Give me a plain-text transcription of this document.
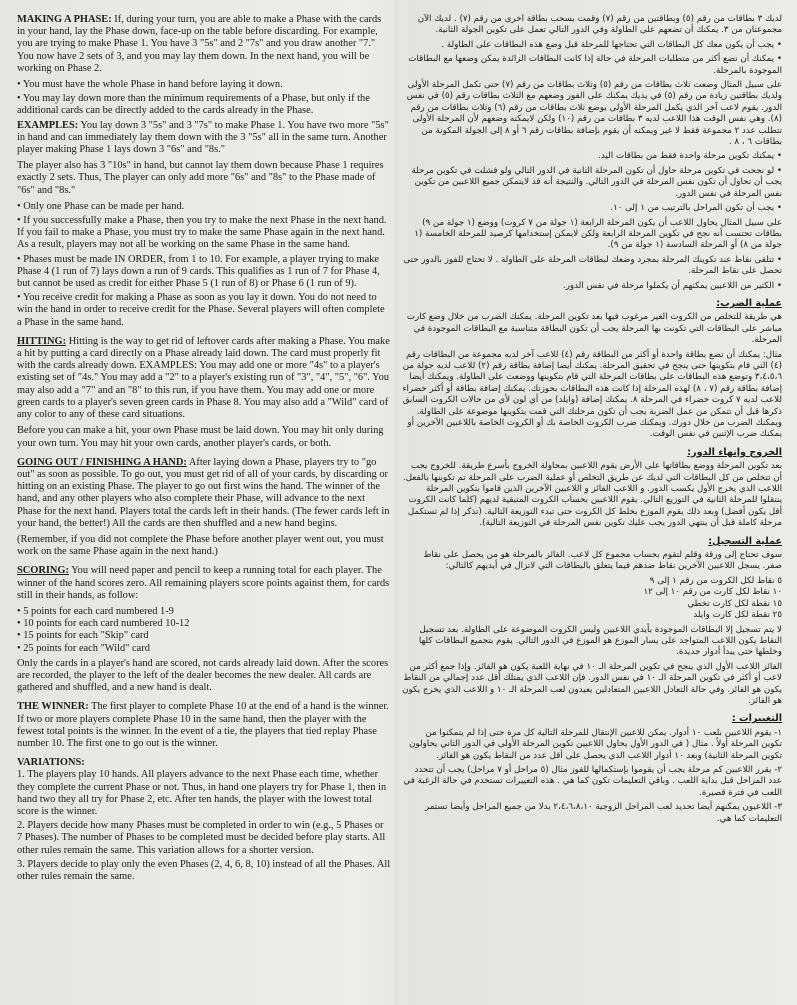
MAKING A PHASE: If, during your turn, you are able to make a Phase with the cards in your hand, lay the Phase down, face-up on the table before discarding. For example, you are trying to make Phase 1. You have 3 "5s" and 2 "7s" and you draw another "7." You now have 2 sets of 3, and you may lay them down. In the next hand, you will be working on Phase 2.
• You must have the whole Phase in hand before laying it down.
• You may lay down more than the minimum requirements of a Phase, but only if the additional cards can be directly added to the cards already in the Phase.
EXAMPLES: You lay down 3 "5s" and 3 "7s" to make Phase 1. You have two more "5s" in hand and can immediately lay them down with the 3 "5s" all in the same turn. Another player making Phase 1 lays down 3 "6s" and "8s."
The player also has 3 "10s" in hand, but cannot lay them down because Phase 1 requires exactly 2 sets. Thus, The player can only add more "6s" and "8s" to the Phase made of "6s" and "8s."
• Only one Phase can be made per hand.
• If you successfully make a Phase, then you try to make the next Phase in the next hand. If you fail to make a Phase, you must try to make the same Phase again in the next hand. As a result, players may not all be working on the same Phase in the same hand.
• Phases must be made IN ORDER, from 1 to 10. For example, a player trying to make Phase 4 (1 run of 7) lays down a run of 9 cards. This qualifies as 1 run of 7 for Phase 4, but cannot be used as credit for either Phase 5 (1 run of 8) or Phase 6 (1 run of 9).
• You receive credit for making a Phase as soon as you lay it down. You do not need to win the hand in order to receive credit for the Phase. Several players will often complete a Phase in the same hand.
HITTING: Hitting is the way to get rid of leftover cards after making a Phase. You make a hit by putting a card directly on a Phase already laid down. The card must properly fit with the cards already down. EXAMPLES: You may add one or more "4s" to a player's existing set of "4s." You may add a "2" to a player's existing run of "3", "4", "5", "6". You may also add a "7" and an "8" to this run, if you have them. You may add one or more green cards to a player's seven green cards in Phase 8. You may also add a "Wild" card of any color to any of these card situations.
Before you can make a hit, your own Phase must be laid down. You may hit only during your own turn. You may hit your own cards, another player's cards, or both.
GOING OUT / FINISHING A HAND: After laying down a Phase, players try to "go out" as soon as possible. To go out, you must get rid of all of your cards, by discarding or hitting on an existing Phase. The player to go out first wins the hand. The winner of the hand, and any other players who also complete their Phase, will advance to the next Phase for the next hand. Players total the cards left in their hands. (The fewer cards left in your hand, the better!) All the cards are then shuffled and a new hand begins.
(Remember, if you did not complete the Phase before another player went out, you must work on the same Phase again in the next hand.)
SCORING: You will need paper and pencil to keep a running total for each player. The winner of the hand scores zero. All remaining players score points against them, for cards still in their hands, as follow:
• 5 points for each card numbered 1-9
• 10 points for each card numbered 10-12
• 15 points for each "Skip" card
• 25 points for each "Wild" card
Only the cards in a player's hand are scored, not cards already laid down. After the scores are recorded, the player to the left of the dealer becomes the new dealer. All cards are gathered and shuffled, and a new hand is dealt.
THE WINNER: The first player to complete Phase 10 at the end of a hand is the winner. If two or more players complete Phase 10 in the same hand, then the player with the fewest total points is the winner. In the event of a tie, the players that tied replay Phase number 10. The first one to go out is the winner.
VARIATIONS:
1. The players play 10 hands. All players advance to the next Phase each time, whether they complete the current Phase or not. Thus, in hand one players try for Phase 1, then in hand two they all try for Phase 2, etc. After ten hands, the player with the lowest total score is the winner.
2. Players decide how many Phases must be completed in order to win (e.g., 5 Phases or 7 Phases). The number of Phases to be completed must be decided before play starts. All other rules remain the same. This variation allows for a shorter version.
3. Players decide to play only the even Phases (2, 4, 6, 8, 10) instead of all the Phases. All other rules remain the same.
لديك ٣ بطاقات من رقم (٥) وبطاقتين من رقم (٧) وقمت بسحب بطاقة أخرى من رقم (٧) . لديك الآن مجموعتان من ٣. يمكنك أن تضعهم على الطاولة وفي الدور التالي تعمل على تكوين الجولة الثانية.
• يجب أن يكون معك كل البطاقات التي تحتاجها للمرحلة قبل وضع هذه البطاقات على الطاولة .
• يمكنك أن تضع أكثر من متطلبات المرحلة في حالة إذا كانت البطاقات الزائدة يمكن وضعها مع البطاقات الموجودة بالمرحلة.
على سبيل المثال وضعت ثلاث بطاقات من رقم (٥) وثلاث بطاقات من رقم (٧) حتى تكمل المرحلة الأولى ولديك بطاقتين زيادة من رقم (٥) في يديك يمكنك على الفور وضعهم مع الثلاث بطاقات رقم (٥) في نفس الدور. يقوم لاعب آخر الذي يكمل المرحلة الأولى بوضع ثلاث بطاقات من رقم (٦) وثلاث بطاقات من رقم (٨). وهي نفس الوقت هذا اللاعب لديه ٣ بطاقات من رقم (١٠) ولكن لايمكنه وضعهم لأن المرحلة الأولى تتطلب عدد ٢ مجموعة فقط لا غير ويمكنه أن يقوم بإضافة بطاقات رقم ٦ أو ٨ إلى الجولة المكونة من بطاقات ٦ ، ٨ .
• يمكنك تكوين مرحلة واحدة فقط من بطاقات اليد.
• لو نجحت في تكوين مرحلة حاول أن تكون المرحلة الثانية في الدور التالي ولو فشلت في تكوين مرحلة يجب أن تحاول أن تكون نفس المرحلة في الدور التالي. والنتيجة أنه قد لايتمكن جميع اللاعبين من تكوين نفس المرحلة في نفس الدور.
• يجب أن تكون المراحل بالترتيب من ١ إلى ١٠.
على سبيل المثال يحاول اللاعب أن يكون المرحلة الرابعة (١ جولة من ٧ كروت) ووضع (١ جولة من ٩) بطاقات تحتسب أنه نجح في تكوين المرحلة الرابعة ولكن لايمكن إستخدامها كرصيد للمرحلة الخامسة (١ جولة من ٨) أو المرحلة السادسة (١ جولة من ٩).
• تتلقى نقاط عند تكوينك المرحلة بمجرد وضعك لبطاقات المرحلة على الطاولة . لا تحتاج للفوز بالدور حتى تحصل على نقاط المرحلة.
• الكثير من اللاعبين يمكنهم أن يكملوا مرحلة في نفس الدور.
عملية الضرب:
هي طريقة للتخلص من الكروت الغير مرغوب فيها بعد تكوين المرحلة. يمكنك الضرب من خلال وضع كارت مباشر على البطاقات التي تكونت بها المرحلة يجب أن تكون البطاقة متناسبة مع البطاقات الموجودة في المرحلة.
مثال: يمكنك أن تضع بطاقة واحدة أو أكثر من البطاقة رقم (٤) للاعب آخر لديه مجموعة من البطاقات رقم (٤) التي قام بتكوينها حتى ينجح في تحقيق المرحلة. يمكنك أيضا إضافة بطاقة رقم (٢) للاعب لديه جولة من ٣،٤،٥،٦ وتوضع هذه البطاقات على بطاقات المرحلة التي قام بتكوينها ووضعت على الطاولة. ويمكنك أيضا إضافة بطاقة رقم (٧ ، ٨) لهذه المرحلة إذا كانت هذه البطاقات بحوزتك. يمكنك إضافة بطاقة أو أكثر خضراء للاعب لديه ٧ كروت خضراء في المرحلة ٨. يمكنك إضافة (وايلد) من أي لون لأي من حالات الكروت السابق ذكرها قبل أن تتمكن من عمل الضربة يجب أن تكون مرحلتك التي قمت بتكوينها موضوعة على الطاولة. ويمكنك الضرب من خلال دورك. ويمكنك ضرب الكروت الخاصة بك أو الكروت الخاصة باللاعبين الآخرين أو يمكنك ضرب الإثنين في نفس الوقت.
الخروج وإنهاء الدور:
بعد تكوين المرحلة ووضع بطاقاتها على الأرض يقوم اللاعبين بمحاولة الخروج بأسرع طريقة. للخروج يجب أن تتخلص من كل البطاقات التي لديك عن طريق التخلص أو عملية الضرب على المرحلة تم تكوينها بالفعل. اللاعب الذي يخرج الأول يكسب الدور. و اللاعب الفائز و اللاعبين الآخرين الذين قاموا بتكوين المرحلة ينتقلوا للمرحلة الثانية في التوزيع التالي. يقوم اللاعبين بحساب الكروت المتبقية لديهم (كلما كانت الكروت أقل يكون أفضل) وبعد ذلك يقوم الموزع بخلط كل الكروت حتى تبدء التوزيعة التالية. (تذكر إذا لم تستكمل مرحلة كاملة قبل أن ينتهي الدور يجب عليك تكوين نفس المرحلة في التوزيعة التالية).
عملية التسجيل:
سوف تحتاج إلى ورقة وقلم لتقوم بحساب مجموع كل لاعب. الفائز بالمرحلة هو من يحصل على نقاط صفر. يسجل اللاعبين الآخرين نقاط ضدهم فيما يتعلق بالبطاقات التي لاتزال في أيديهم كالتالي:
٥ نقاط لكل الكروت من رقم ١ إلى ٩
١٠ نقاط لكل كارت من رقم ١٠ إلى ١٢
١٥ نقطة لكل كارت تخطي
٢٥ نقطة لكل كارت وايلد
لا يتم تسجيل إلا البطاقات الموجودة بأيدي اللاعبين وليس الكروت الموضوعة على الطاولة. بعد تسجيل النقاط يكون اللاعب المتواجد على يسار الموزع هو الموزع في الدور التالي. يقوم بتجميع البطاقات كلها وخلطها حتى يبدأ أدوار جديدة.
الفائز اللاعب الأول الذي ينجح في تكوين المرحلة الـ ١٠ في نهاية اللعبة يكون هو الفائز. وإذا جمع أكثر من لاعب أو أكثر في تكوين المرحلة الـ ١٠ في نفس الدور. فإن اللاعب الذي يمتلك أقل عدد إجمالي من النقاط يكون هو الفائز. وفي حالة التعادل اللاعبين المتعادلين يعيدون لعب المرحلة الـ ١٠ و اللاعب الذي يخرج يكون هو الفائز.
التغييرات :
١- يقوم اللاعبين بلعب ١٠ أدوار. يمكن للاعبين الإنتقال للمرحلة التالية كل مرة حتى إذا لم يتمكنوا من تكوين المرحلة أولاً . مثال ( في الدور الأول يحاول اللاعبين تكوين المرحلة الأولى في الدور الثاني يحاولون تكوين المرحلة الثانية) وبعد ١٠ أدوار اللاعب الذي يحصل على أقل عدد من النقاط يكون هو الفائز.
٢- يقرر اللاعبين كم مرحلة يجب أن يقوموا بإستكمالها للفوز مثال (٥ مراحل أو ٧ مراحل) يجب أن تتحدد عدد المراحل قبل بداية اللعب . وباقي التعليمات تكون كما هي . هذه التغييرات تستخدم في حالة الرغبة في اللعب في فترة قصيرة.
٣- اللاعبون يمكنهم أيضا تحديد لعب المراحل الزوجية ٢،٤،٦،٨،١٠ بدلا من جميع المراحل وأيضا تستمر التعليمات كما هي.
